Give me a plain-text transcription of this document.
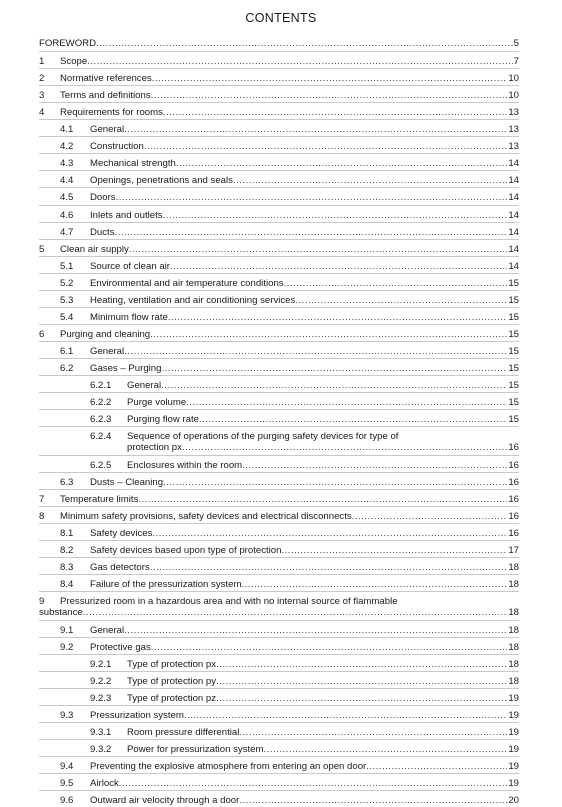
CONTENTS
FOREWORD .....	5
1	Scope .....	7
2	Normative references .....	10
3	Terms and definitions .....	10
4	Requirements for rooms .....	13
4.1	General .....	13
4.2	Construction .....	13
4.3	Mechanical strength .....	14
4.4	Openings, penetrations and seals .....	14
4.5	Doors .....	14
4.6	Inlets and outlets .....	14
4.7	Ducts .....	14
5	Clean air supply .....	14
5.1	Source of clean air .....	14
5.2	Environmental and air temperature conditions .....	15
5.3	Heating, ventilation and air conditioning services .....	15
5.4	Minimum flow rate .....	15
6	Purging and cleaning .....	15
6.1	General .....	15
6.2	Gases – Purging .....	15
6.2.1	General .....	15
6.2.2	Purge volume .....	15
6.2.3	Purging flow rate .....	15
6.2.4	Sequence of operations of the purging safety devices for type of
protection px .....	16
6.2.5	Enclosures within the room .....	16
6.3	Dusts – Cleaning .....	16
7	Temperature limits .....	16
8	Minimum safety provisions, safety devices and electrical disconnects .....	16
8.1	Safety devices .....	16
8.2	Safety devices based upon type of protection .....	17
8.3	Gas detectors .....	18
8.4	Failure of the pressurization system .....	18
9	Pressurized room in a hazardous area and with no internal source of flammable
substance .....	18
9.1	General .....	18
9.2	Protective gas .....	18
9.2.1	Type of protection px .....	18
9.2.2	Type of protection py .....	18
9.2.3	Type of protection pz .....	19
9.3	Pressurization system .....	19
9.3.1	Room pressure differential .....	19
9.3.2	Power for pressurization system .....	19
9.4	Preventing the explosive atmosphere from entering an open door .....	19
9.5	Airlock .....	19
9.6	Outward air velocity through a door .....	20
